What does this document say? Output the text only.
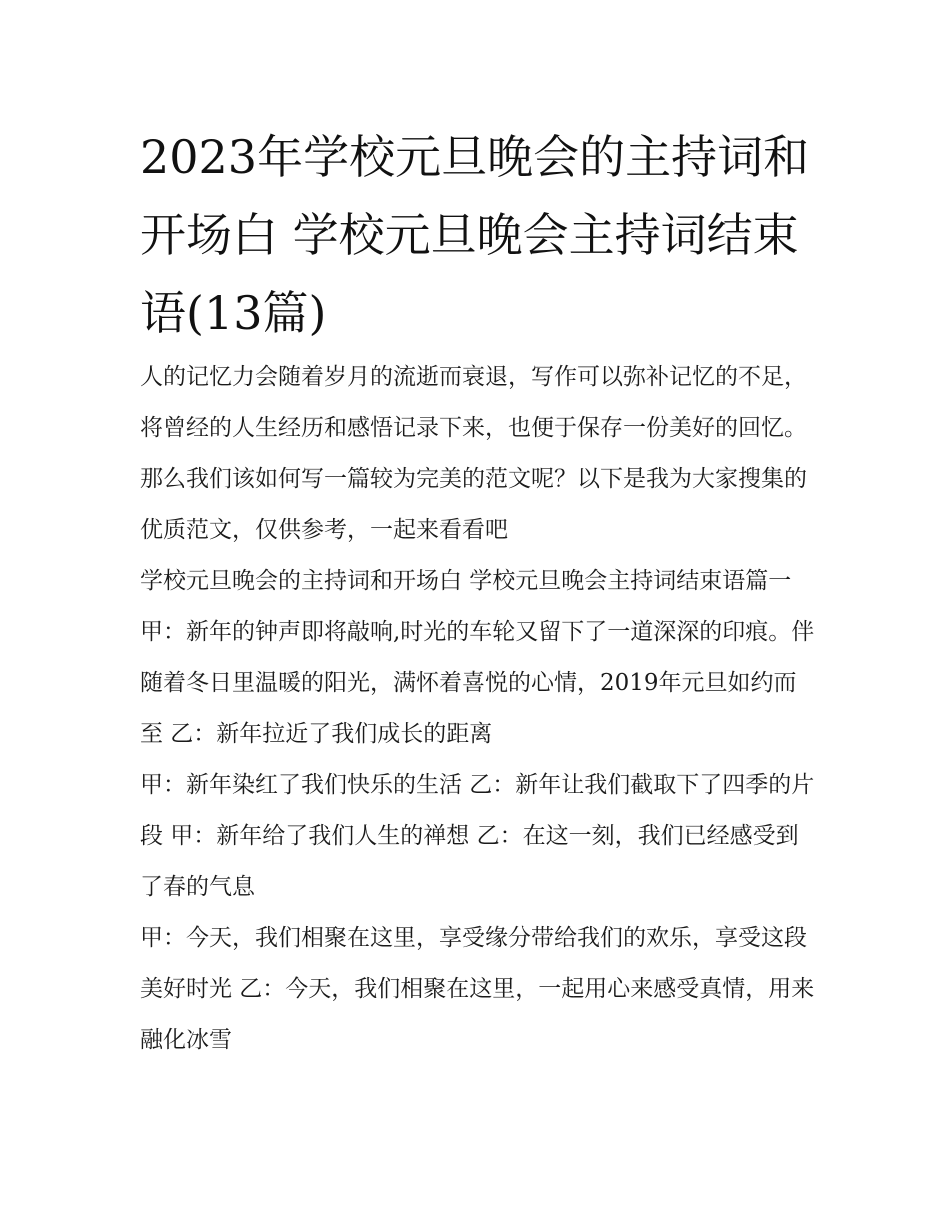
2023年学校元旦晚会的主持词和开场白 学校元旦晚会主持词结束语(13篇)

人的记忆力会随着岁月的流逝而衰退，写作可以弥补记忆的不足，将曾经的人生经历和感悟记录下来，也便于保存一份美好的回忆。那么我们该如何写一篇较为完美的范文呢？以下是我为大家搜集的优质范文，仅供参考，一起来看看吧

学校元旦晚会的主持词和开场白 学校元旦晚会主持词结束语篇一

甲：新年的钟声即将敲响,时光的车轮又留下了一道深深的印痕。伴随着冬日里温暖的阳光，满怀着喜悦的心情，2019年元旦如约而至 乙：新年拉近了我们成长的距离

甲：新年染红了我们快乐的生活 乙：新年让我们截取下了四季的片段 甲：新年给了我们人生的禅想 乙：在这一刻，我们已经感受到了春的气息

甲：今天，我们相聚在这里，享受缘分带给我们的欢乐，享受这段美好时光 乙：今天，我们相聚在这里，一起用心来感受真情，用来融化冰雪
